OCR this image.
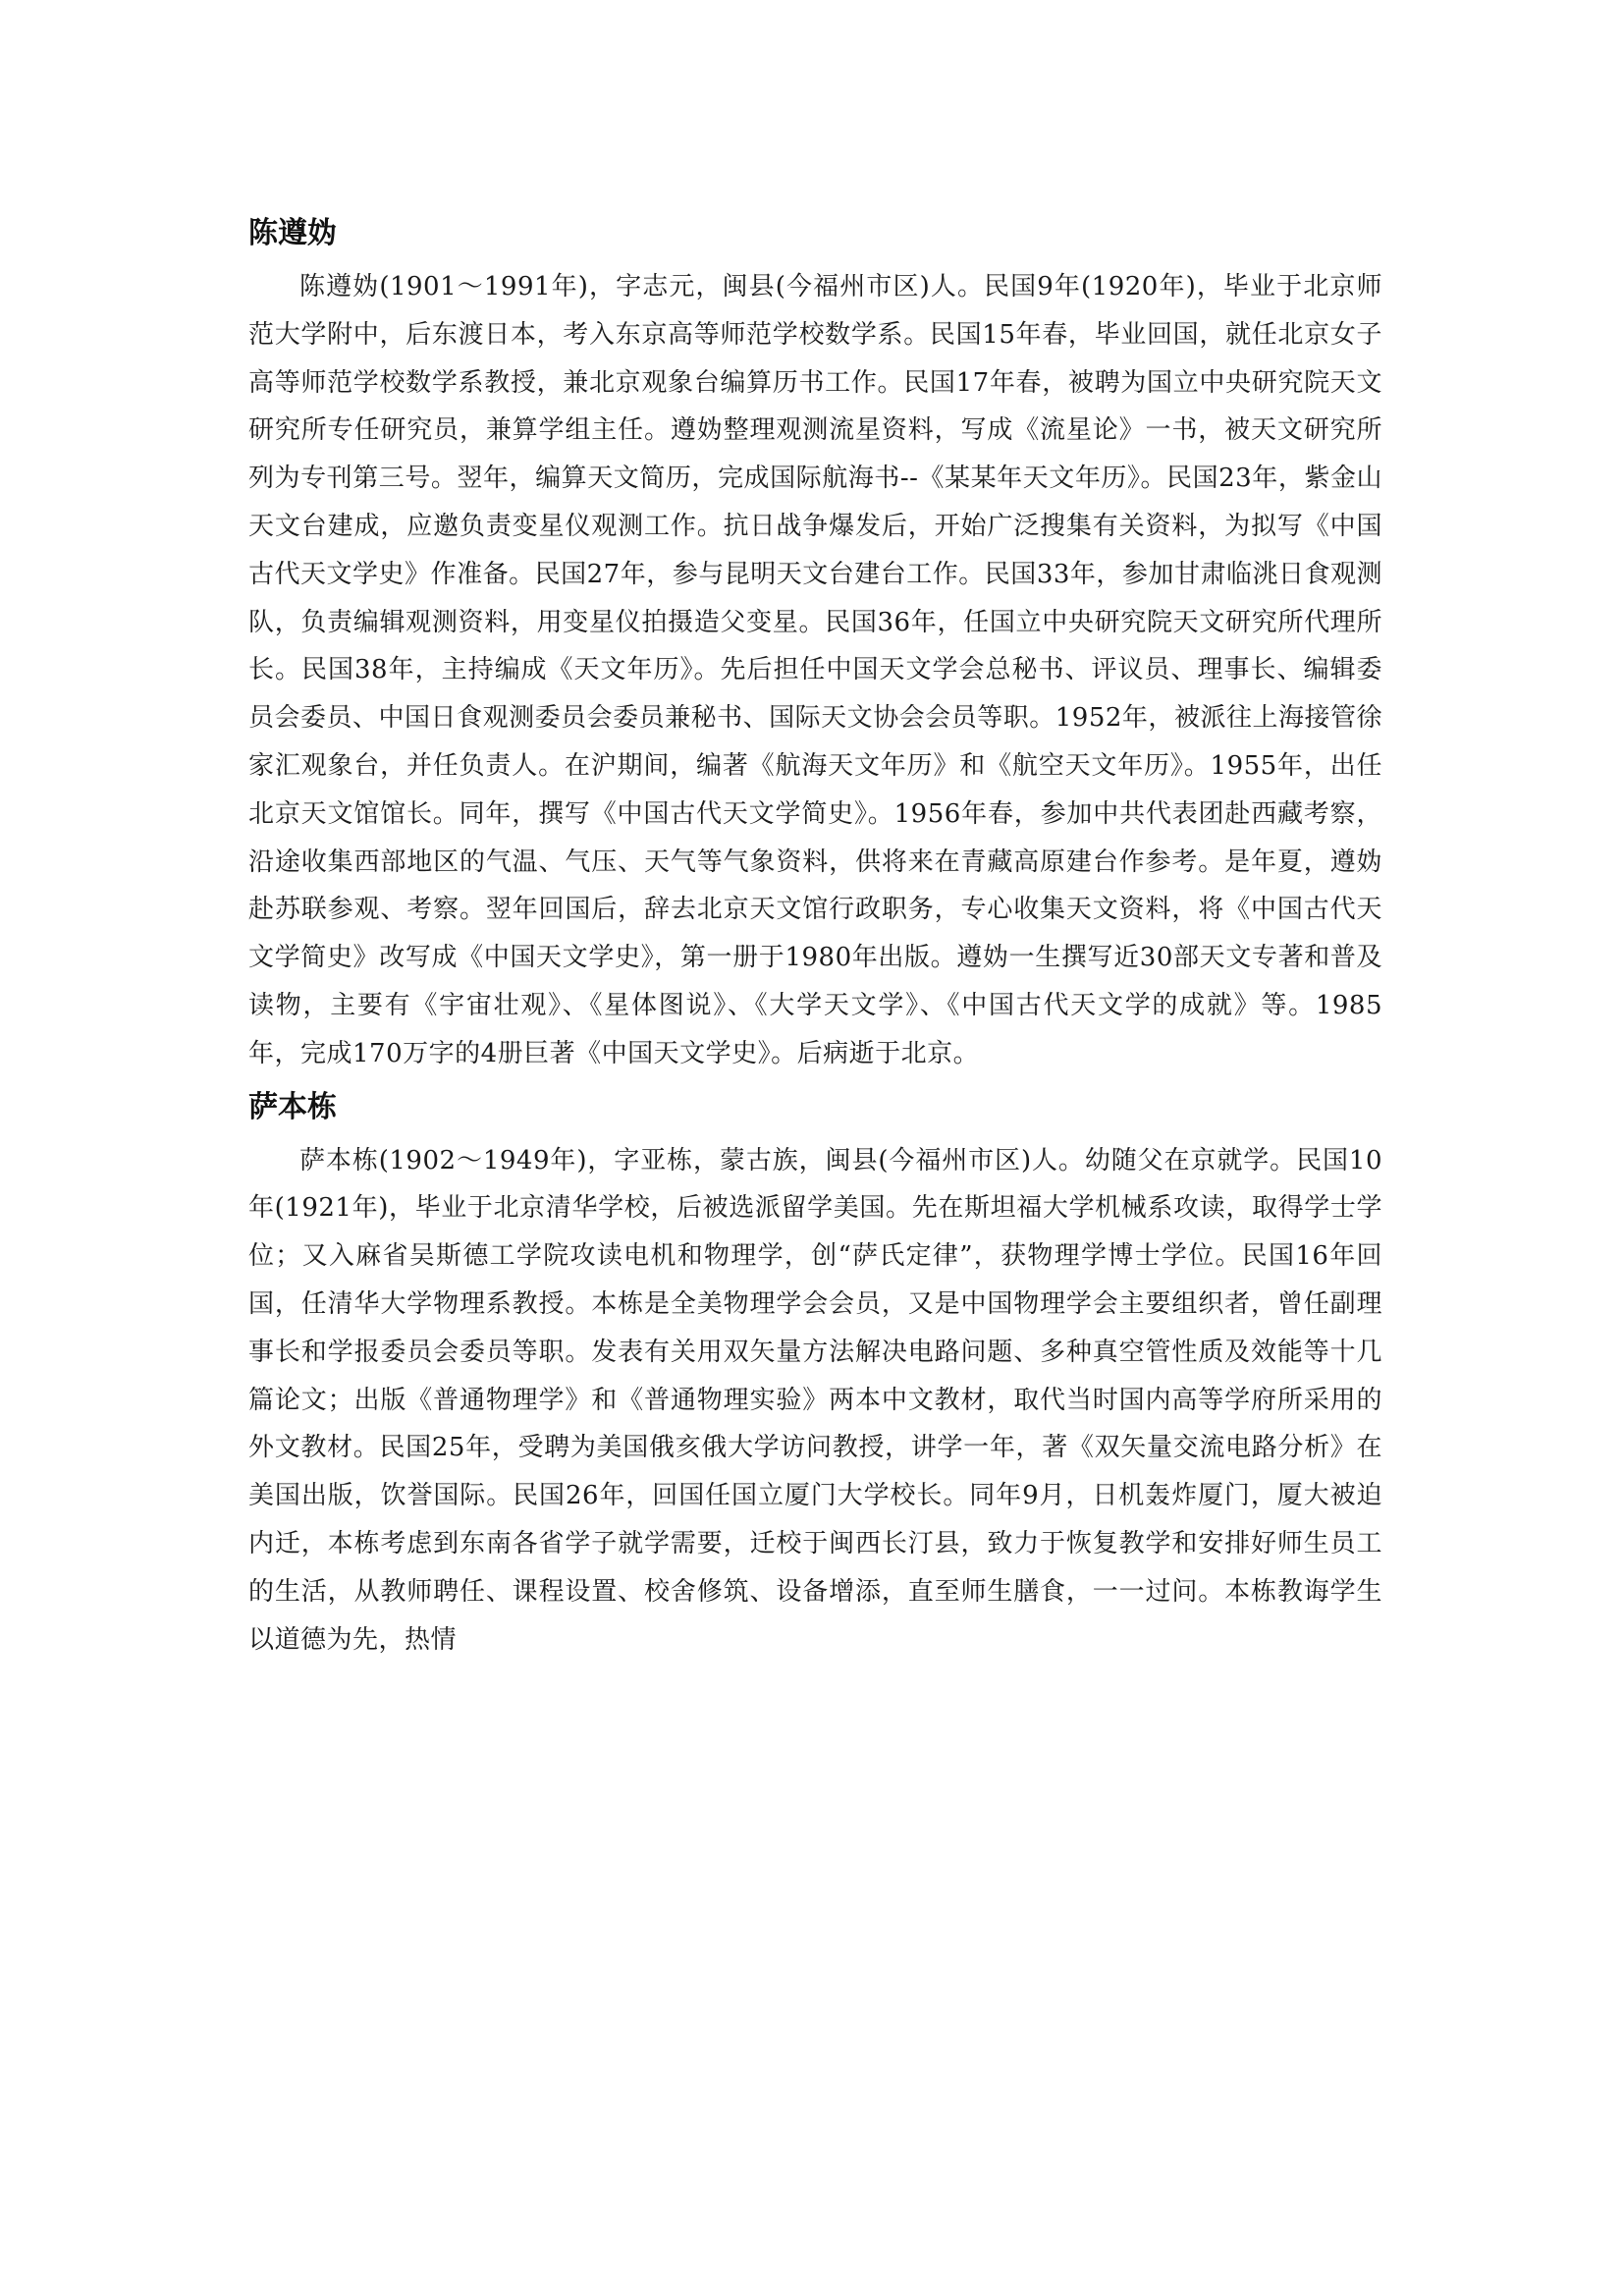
陈遵妫

陈遵妫(1901～1991年)，字志元，闽县(今福州市区)人。民国9年(1920年)，毕业于北京师范大学附中，后东渡日本，考入东京高等师范学校数学系。民国15年春，毕业回国，就任北京女子高等师范学校数学系教授，兼北京观象台编算历书工作。民国17年春，被聘为国立中央研究院天文研究所专任研究员，兼算学组主任。遵妫整理观测流星资料，写成《流星论》一书，被天文研究所列为专刊第三号。翌年，编算天文简历，完成国际航海书--《某某年天文年历》。民国23年，紫金山天文台建成，应邀负责变星仪观测工作。抗日战争爆发后，开始广泛搜集有关资料，为拟写《中国古代天文学史》作准备。民国27年，参与昆明天文台建台工作。民国33年，参加甘肃临洮日食观测队，负责编辑观测资料，用变星仪拍摄造父变星。民国36年，任国立中央研究院天文研究所代理所长。民国38年，主持编成《天文年历》。先后担任中国天文学会总秘书、评议员、理事长、编辑委员会委员、中国日食观测委员会委员兼秘书、国际天文协会会员等职。1952年，被派往上海接管徐家汇观象台，并任负责人。在沪期间，编著《航海天文年历》和《航空天文年历》。1955年，出任北京天文馆馆长。同年，撰写《中国古代天文学简史》。1956年春，参加中共代表团赴西藏考察，沿途收集西部地区的气温、气压、天气等气象资料，供将来在青藏高原建台作参考。是年夏，遵妫赴苏联参观、考察。翌年回国后，辞去北京天文馆行政职务，专心收集天文资料，将《中国古代天文学简史》改写成《中国天文学史》，第一册于1980年出版。遵妫一生撰写近30部天文专著和普及读物，主要有《宇宙壮观》、《星体图说》、《大学天文学》、《中国古代天文学的成就》等。1985年，完成170万字的4册巨著《中国天文学史》。后病逝于北京。

萨本栋

萨本栋(1902～1949年)，字亚栋，蒙古族，闽县(今福州市区)人。幼随父在京就学。民国10年(1921年)，毕业于北京清华学校，后被选派留学美国。先在斯坦福大学机械系攻读，取得学士学位；又入麻省吴斯德工学院攻读电机和物理学，创“萨氏定律”，获物理学博士学位。民国16年回国，任清华大学物理系教授。本栋是全美物理学会会员，又是中国物理学会主要组织者，曾任副理事长和学报委员会委员等职。发表有关用双矢量方法解决电路问题、多种真空管性质及效能等十几篇论文；出版《普通物理学》和《普通物理实验》两本中文教材，取代当时国内高等学府所采用的外文教材。民国25年，受聘为美国俄亥俄大学访问教授，讲学一年，著《双矢量交流电路分析》在美国出版，饮誉国际。民国26年，回国任国立厦门大学校长。同年9月，日机轰炸厦门，厦大被迫内迁，本栋考虑到东南各省学子就学需要，迁校于闽西长汀县，致力于恢复教学和安排好师生员工的生活，从教师聘任、课程设置、校舍修筑、设备增添，直至师生膳食，一一过问。本栋教诲学生以道德为先，热情
